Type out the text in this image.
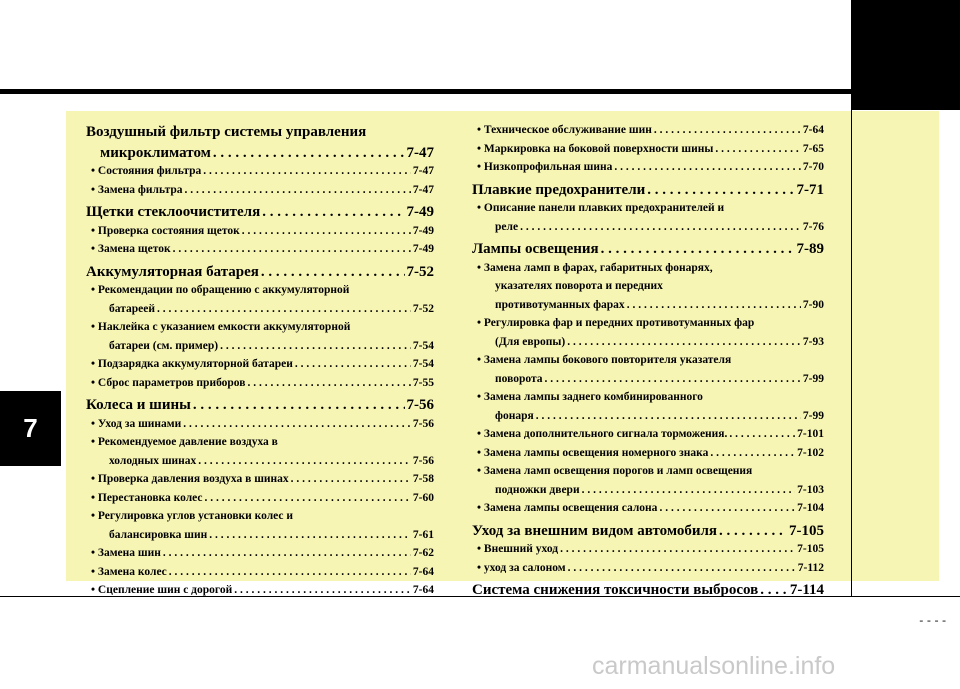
7
Воздушный фильтр системы управления
микроклиматом . . .	7-47
• Состояния фильтра . . .	7-47
• Замена фильтра . . .	7-47
Щетки стеклоочистителя . . .	7-49
• Проверка состояния щеток . . .	7-49
• Замена щеток . . .	7-49
Аккумуляторная батарея . . .	7-52
• Рекомендации по обращению с аккумуляторной
батареей . . .	7-52
• Наклейка с указанием емкости аккумуляторной
батареи (см. пример) . . .	7-54
• Подзарядка аккумуляторной батареи . . .	7-54
• Сброс параметров приборов . . .	7-55
Колеса и шины . . .	7-56
• Уход за шинами . . .	7-56
• Рекомендуемое давление воздуха в
холодных шинах . . .	7-56
• Проверка давления воздуха в шинах . . .	7-58
• Перестановка колес . . .	7-60
• Регулировка углов установки колес и
балансировка шин . . .	7-61
• Замена шин . . .	7-62
• Замена колес . . .	7-64
• Сцепление шин с дорогой . . .	7-64
• Техническое обслуживание шин . . .	7-64
• Маркировка на боковой поверхности шины . . .	7-65
• Низкопрофильная шина . . .	7-70
Плавкие предохранители . . .	7-71
• Описание панели плавких предохранителей и
реле . . .	7-76
Лампы освещения . . .	7-89
• Замена ламп в фарах, габаритных фонарях,
указателях поворота и передних
противотуманных фарах . . .	7-90
• Регулировка фар и передних противотуманных фар
(Для европы) . . .	7-93
• Замена лампы бокового повторителя указателя
поворота . . .	7-99
• Замена лампы заднего комбинированного
фонаря . . .	7-99
• Замена дополнительного сигнала торможения. . . .	7-101
• Замена лампы освещения номерного знака . . .	7-102
• Замена ламп освещения порогов и ламп освещения
подножки двери . . .	7-103
• Замена лампы освещения салона . . .	7-104
Уход за внешним видом автомобиля . . .	7-105
• Внешний уход . . .	7-105
• уход за салоном . . .	7-112
Система снижения токсичности выбросов . . . 7-114
----
carmanualsonline.info
